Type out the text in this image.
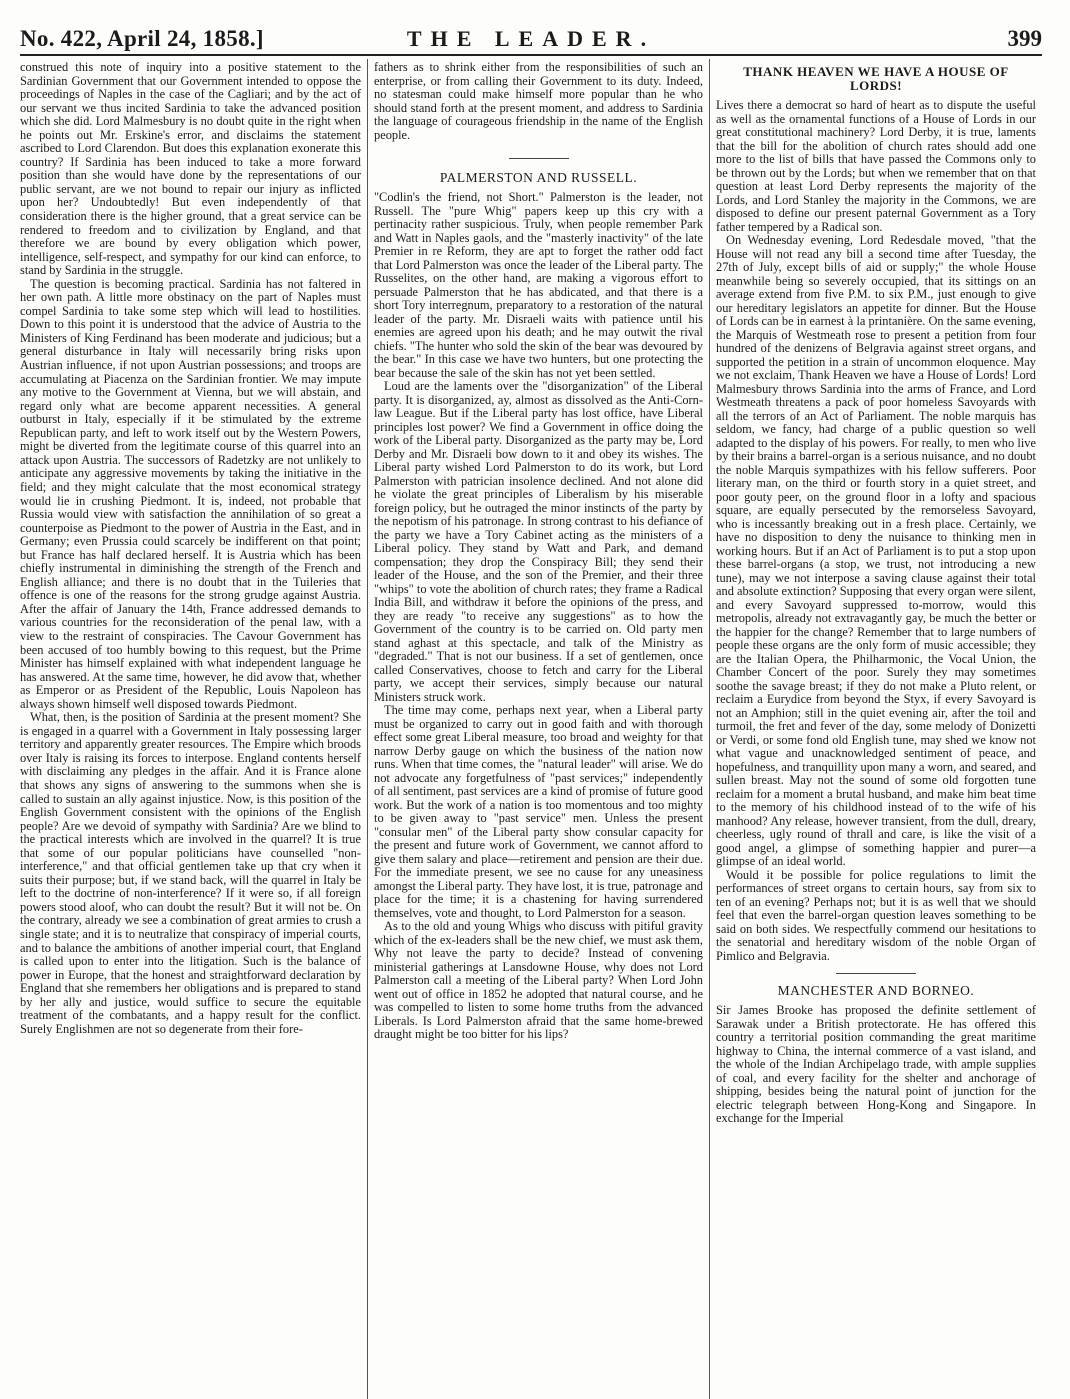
No. 422, April 24, 1858.]	THE LEADER.	399

construed this note of inquiry into a positive statement to the Sardinian Government that our Government intended to oppose the proceedings of Naples in the case of the Cagliari; and by the act of our servant we thus incited Sardinia to take the advanced position which she did. Lord Malmesbury is no doubt quite in the right when he points out Mr. Erskine's error, and disclaims the statement ascribed to Lord Clarendon. But does this explanation exonerate this country? If Sardinia has been induced to take a more forward position than she would have done by the representations of our public servant, are we not bound to repair our injury as inflicted upon her? Undoubtedly! But even independently of that consideration there is the higher ground, that a great service can be rendered to freedom and to civilization by England, and that therefore we are bound by every obligation which power, intelligence, self-respect, and sympathy for our kind can enforce, to stand by Sardinia in the struggle.

The question is becoming practical. Sardinia has not faltered in her own path. A little more obstinacy on the part of Naples must compel Sardinia to take some step which will lead to hostilities. Down to this point it is understood that the advice of Austria to the Ministers of King Ferdinand has been moderate and judicious; but a general disturbance in Italy will necessarily bring risks upon Austrian influence, if not upon Austrian possessions; and troops are accumulating at Piacenza on the Sardinian frontier. We may impute any motive to the Government at Vienna, but we will abstain, and regard only what are become apparent necessities. A general outburst in Italy, especially if it be stimulated by the extreme Republican party, and left to work itself out by the Western Powers, might be diverted from the legitimate course of this quarrel into an attack upon Austria. The successors of Radetzky are not unlikely to anticipate any aggressive movements by taking the initiative in the field; and they might calculate that the most economical strategy would lie in crushing Piedmont. It is, indeed, not probable that Russia would view with satisfaction the annihilation of so great a counterpoise as Piedmont to the power of Austria in the East, and in Germany; even Prussia could scarcely be indifferent on that point; but France has half declared herself. It is Austria which has been chiefly instrumental in diminishing the strength of the French and English alliance; and there is no doubt that in the Tuileries that offence is one of the reasons for the strong grudge against Austria. After the affair of January the 14th, France addressed demands to various countries for the reconsideration of the penal law, with a view to the restraint of conspiracies. The Cavour Government has been accused of too humbly bowing to this request, but the Prime Minister has himself explained with what independent language he has answered. At the same time, however, he did avow that, whether as Emperor or as President of the Republic, Louis Napoleon has always shown himself well disposed towards Piedmont.

What, then, is the position of Sardinia at the present moment? She is engaged in a quarrel with a Government in Italy possessing larger territory and apparently greater resources. The Empire which broods over Italy is raising its forces to interpose. England contents herself with disclaiming any pledges in the affair. And it is France alone that shows any signs of answering to the summons when she is called to sustain an ally against injustice. Now, is this position of the English Government consistent with the opinions of the English people? Are we devoid of sympathy with Sardinia? Are we blind to the practical interests which are involved in the quarrel? It is true that some of our popular politicians have counselled "non-interference," and that official gentlemen take up that cry when it suits their purpose; but, if we stand back, will the quarrel in Italy be left to the doctrine of non-interference? If it were so, if all foreign powers stood aloof, who can doubt the result? But it will not be. On the contrary, already we see a combination of great armies to crush a single state; and it is to neutralize that conspiracy of imperial courts, and to balance the ambitions of another imperial court, that England is called upon to enter into the litigation. Such is the balance of power in Europe, that the honest and straightforward declaration by England that she remembers her obligations and is prepared to stand by her ally and justice, would suffice to secure the equitable treatment of the combatants, and a happy result for the conflict. Surely Englishmen are not so degenerate from their fore-

fathers as to shrink either from the responsibilities of such an enterprise, or from calling their Government to its duty. Indeed, no statesman could make himself more popular than he who should stand forth at the present moment, and address to Sardinia the language of courageous friendship in the name of the English people.

PALMERSTON AND RUSSELL.

"Codlin's the friend, not Short." Palmerston is the leader, not Russell. The "pure Whig" papers keep up this cry with a pertinacity rather suspicious. Truly, when people remember Park and Watt in Naples gaols, and the "masterly inactivity" of the late Premier in re Reform, they are apt to forget the rather odd fact that Lord Palmerston was once the leader of the Liberal party. The Russelites, on the other hand, are making a vigorous effort to persuade Palmerston that he has abdicated, and that there is a short Tory interregnum, preparatory to a restoration of the natural leader of the party. Mr. Disraeli waits with patience until his enemies are agreed upon his death; and he may outwit the rival chiefs. "The hunter who sold the skin of the bear was devoured by the bear." In this case we have two hunters, but one protecting the bear because the sale of the skin has not yet been settled.

Loud are the laments over the "disorganization" of the Liberal party. It is disorganized, ay, almost as dissolved as the Anti-Corn-law League. But if the Liberal party has lost office, have Liberal principles lost power? We find a Government in office doing the work of the Liberal party. Disorganized as the party may be, Lord Derby and Mr. Disraeli bow down to it and obey its wishes. The Liberal party wished Lord Palmerston to do its work, but Lord Palmerston with patrician insolence declined. And not alone did he violate the great principles of Liberalism by his miserable foreign policy, but he outraged the minor instincts of the party by the nepotism of his patronage. In strong contrast to his defiance of the party we have a Tory Cabinet acting as the ministers of a Liberal policy. They stand by Watt and Park, and demand compensation; they drop the Conspiracy Bill; they send their leader of the House, and the son of the Premier, and their three "whips" to vote the abolition of church rates; they frame a Radical India Bill, and withdraw it before the opinions of the press, and they are ready "to receive any suggestions" as to how the Government of the country is to be carried on. Old party men stand aghast at this spectacle, and talk of the Ministry as "degraded." That is not our business. If a set of gentlemen, once called Conservatives, choose to fetch and carry for the Liberal party, we accept their services, simply because our natural Ministers struck work.

The time may come, perhaps next year, when a Liberal party must be organized to carry out in good faith and with thorough effect some great Liberal measure, too broad and weighty for that narrow Derby gauge on which the business of the nation now runs. When that time comes, the "natural leader" will arise. We do not advocate any forgetfulness of "past services;" independently of all sentiment, past services are a kind of promise of future good work. But the work of a nation is too momentous and too mighty to be given away to "past service" men. Unless the present "consular men" of the Liberal party show consular capacity for the present and future work of Government, we cannot afford to give them salary and place—retirement and pension are their due. For the immediate present, we see no cause for any uneasiness amongst the Liberal party. They have lost, it is true, patronage and place for the time; it is a chastening for having surrendered themselves, vote and thought, to Lord Palmerston for a season.

As to the old and young Whigs who discuss with pitiful gravity which of the ex-leaders shall be the new chief, we must ask them, Why not leave the party to decide? Instead of convening ministerial gatherings at Lansdowne House, why does not Lord Palmerston call a meeting of the Liberal party? When Lord John went out of office in 1852 he adopted that natural course, and he was compelled to listen to some home truths from the advanced Liberals. Is Lord Palmerston afraid that the same home-brewed draught might be too bitter for his lips?

THANK HEAVEN WE HAVE A HOUSE OF LORDS!

Lives there a democrat so hard of heart as to dispute the useful as well as the ornamental functions of a House of Lords in our great constitutional machinery? Lord Derby, it is true, laments that the bill for the abolition of church rates should add one more to the list of bills that have passed the Commons only to be thrown out by the Lords; but when we remember that on that question at least Lord Derby represents the majority of the Lords, and Lord Stanley the majority in the Commons, we are disposed to define our present paternal Government as a Tory father tempered by a Radical son.

On Wednesday evening, Lord Redesdale moved, "that the House will not read any bill a second time after Tuesday, the 27th of July, except bills of aid or supply;" the whole House meanwhile being so severely occupied, that its sittings on an average extend from five P.M. to six P.M., just enough to give our hereditary legislators an appetite for dinner. But the House of Lords can be in earnest à la printanière. On the same evening, the Marquis of Westmeath rose to present a petition from four hundred of the denizens of Belgravia against street organs, and supported the petition in a strain of uncommon eloquence. May we not exclaim, Thank Heaven we have a House of Lords! Lord Malmesbury throws Sardinia into the arms of France, and Lord Westmeath threatens a pack of poor homeless Savoyards with all the terrors of an Act of Parliament. The noble marquis has seldom, we fancy, had charge of a public question so well adapted to the display of his powers. For really, to men who live by their brains a barrel-organ is a serious nuisance, and no doubt the noble Marquis sympathizes with his fellow sufferers. Poor literary man, on the third or fourth story in a quiet street, and poor gouty peer, on the ground floor in a lofty and spacious square, are equally persecuted by the remorseless Savoyard, who is incessantly breaking out in a fresh place. Certainly, we have no disposition to deny the nuisance to thinking men in working hours. But if an Act of Parliament is to put a stop upon these barrel-organs (a stop, we trust, not introducing a new tune), may we not interpose a saving clause against their total and absolute extinction? Supposing that every organ were silent, and every Savoyard suppressed to-morrow, would this metropolis, already not extravagantly gay, be much the better or the happier for the change? Remember that to large numbers of people these organs are the only form of music accessible; they are the Italian Opera, the Philharmonic, the Vocal Union, the Chamber Concert of the poor. Surely they may sometimes soothe the savage breast; if they do not make a Pluto relent, or reclaim a Eurydice from beyond the Styx, if every Savoyard is not an Amphion; still in the quiet evening air, after the toil and turmoil, the fret and fever of the day, some melody of Donizetti or Verdi, or some fond old English tune, may shed we know not what vague and unacknowledged sentiment of peace, and hopefulness, and tranquillity upon many a worn, and seared, and sullen breast. May not the sound of some old forgotten tune reclaim for a moment a brutal husband, and make him beat time to the memory of his childhood instead of to the wife of his manhood? Any release, however transient, from the dull, dreary, cheerless, ugly round of thrall and care, is like the visit of a good angel, a glimpse of something happier and purer—a glimpse of an ideal world.

Would it be possible for police regulations to limit the performances of street organs to certain hours, say from six to ten of an evening? Perhaps not; but it is as well that we should feel that even the barrel-organ question leaves something to be said on both sides. We respectfully commend our hesitations to the senatorial and hereditary wisdom of the noble Organ of Pimlico and Belgravia.

MANCHESTER AND BORNEO.

Sir James Brooke has proposed the definite settlement of Sarawak under a British protectorate. He has offered this country a territorial position commanding the great maritime highway to China, the internal commerce of a vast island, and the whole of the Indian Archipelago trade, with ample supplies of coal, and every facility for the shelter and anchorage of shipping, besides being the natural point of junction for the electric telegraph between Hong-Kong and Singapore. In exchange for the Imperial
